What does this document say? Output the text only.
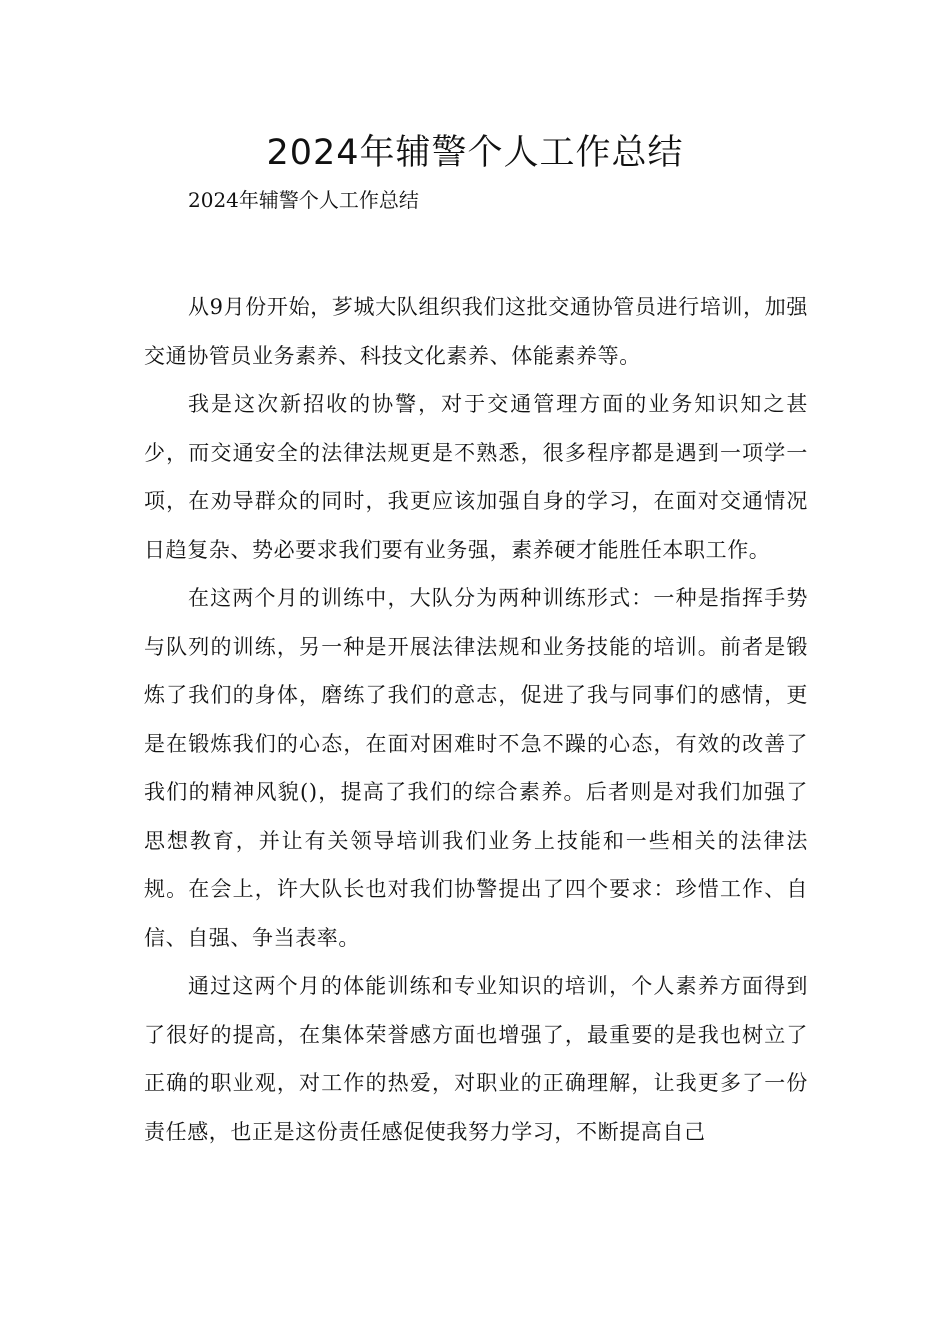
2024年辅警个人工作总结
2024年辅警个人工作总结

从9月份开始，芗城大队组织我们这批交通协管员进行培训，加强交通协管员业务素养、科技文化素养、体能素养等。

我是这次新招收的协警，对于交通管理方面的业务知识知之甚少，而交通安全的法律法规更是不熟悉，很多程序都是遇到一项学一项，在劝导群众的同时，我更应该加强自身的学习，在面对交通情况日趋复杂、势必要求我们要有业务强，素养硬才能胜任本职工作。

在这两个月的训练中，大队分为两种训练形式：一种是指挥手势与队列的训练，另一种是开展法律法规和业务技能的培训。前者是锻炼了我们的身体，磨练了我们的意志，促进了我与同事们的感情，更是在锻炼我们的心态，在面对困难时不急不躁的心态，有效的改善了我们的精神风貌()，提高了我们的综合素养。后者则是对我们加强了思想教育，并让有关领导培训我们业务上技能和一些相关的法律法规。在会上，许大队长也对我们协警提出了四个要求：珍惜工作、自信、自强、争当表率。

通过这两个月的体能训练和专业知识的培训，个人素养方面得到了很好的提高，在集体荣誉感方面也增强了，最重要的是我也树立了正确的职业观，对工作的热爱，对职业的正确理解，让我更多了一份责任感，也正是这份责任感促使我努力学习，不断提高自己
